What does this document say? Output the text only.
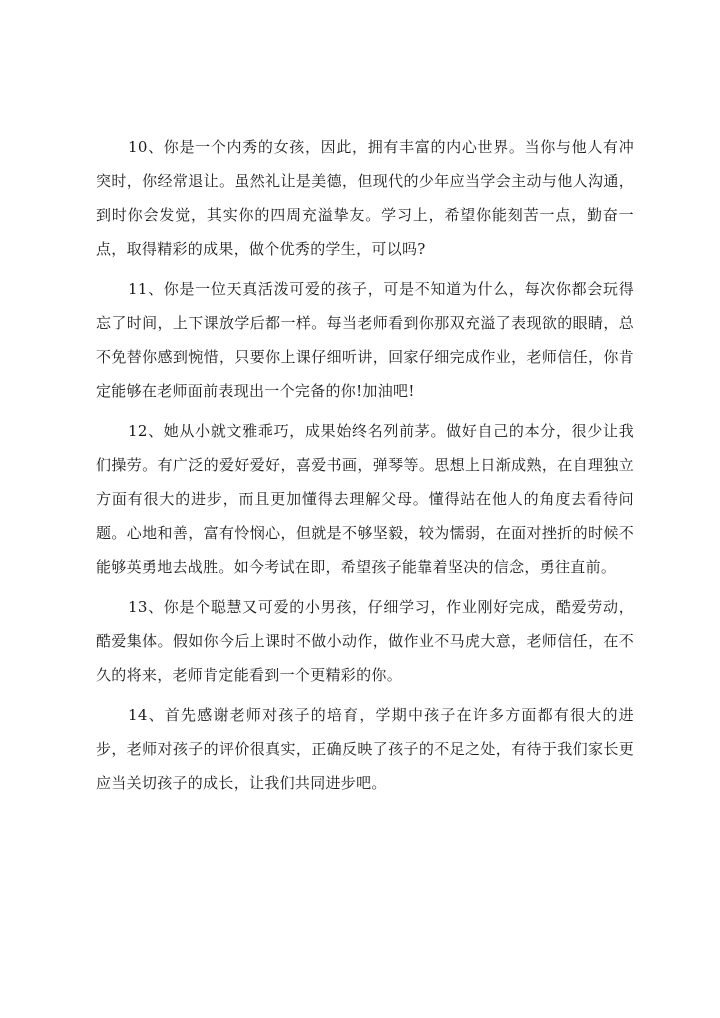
10、你是一个内秀的女孩，因此，拥有丰富的内心世界。当你与他人有冲突时，你经常退让。虽然礼让是美德，但现代的少年应当学会主动与他人沟通，到时你会发觉，其实你的四周充溢挚友。学习上，希望你能刻苦一点，勤奋一点，取得精彩的成果，做个优秀的学生，可以吗?

11、你是一位天真活泼可爱的孩子，可是不知道为什么，每次你都会玩得忘了时间，上下课放学后都一样。每当老师看到你那双充溢了表现欲的眼睛，总不免替你感到惋惜，只要你上课仔细听讲，回家仔细完成作业，老师信任，你肯定能够在老师面前表现出一个完备的你!加油吧!

12、她从小就文雅乖巧，成果始终名列前茅。做好自己的本分，很少让我们操劳。有广泛的爱好爱好，喜爱书画，弹琴等。思想上日渐成熟，在自理独立方面有很大的进步，而且更加懂得去理解父母。懂得站在他人的角度去看待问题。心地和善，富有怜悯心，但就是不够坚毅，较为懦弱，在面对挫折的时候不能够英勇地去战胜。如今考试在即，希望孩子能靠着坚决的信念，勇往直前。

13、你是个聪慧又可爱的小男孩，仔细学习，作业刚好完成，酷爱劳动，酷爱集体。假如你今后上课时不做小动作，做作业不马虎大意，老师信任，在不久的将来，老师肯定能看到一个更精彩的你。

14、首先感谢老师对孩子的培育，学期中孩子在许多方面都有很大的进步，老师对孩子的评价很真实，正确反映了孩子的不足之处，有待于我们家长更应当关切孩子的成长，让我们共同进步吧。
